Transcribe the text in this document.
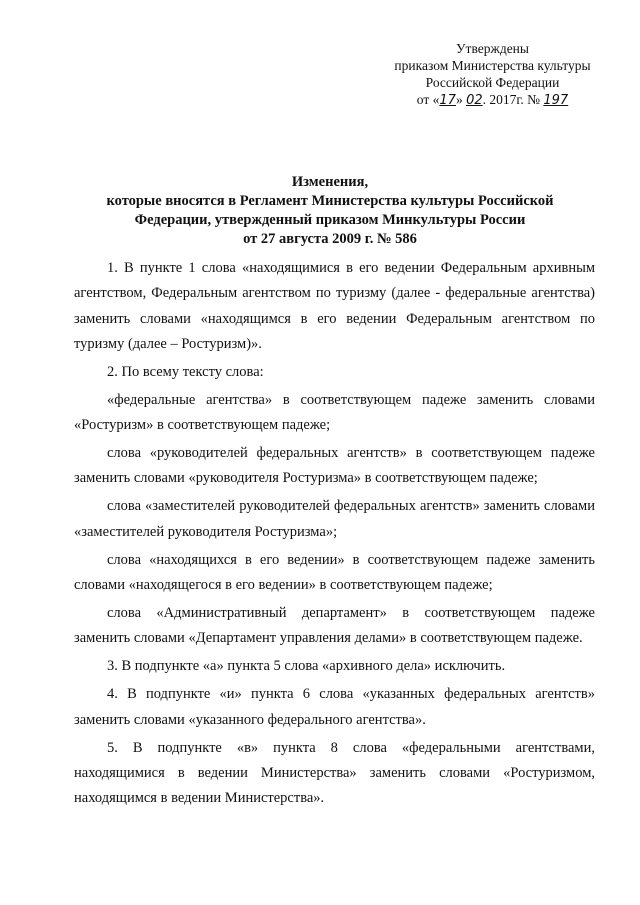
Утверждены
приказом Министерства культуры
Российской Федерации
от «17» 02. 2017г. № 197
Изменения,
которые вносятся в Регламент Министерства культуры Российской
Федерации, утвержденный приказом Минкультуры России
от 27 августа 2009 г. № 586

1. В пункте 1 слова «находящимися в его ведении Федеральным архивным агентством, Федеральным агентством по туризму (далее - федеральные агентства) заменить словами «находящимся в его ведении Федеральным агентством по туризму (далее – Ростуризм)».

2. По всему тексту слова:

«федеральные агентства» в соответствующем падеже заменить словами «Ростуризм» в соответствующем падеже;

слова «руководителей федеральных агентств» в соответствующем падеже заменить словами «руководителя Ростуризма» в соответствующем падеже;

слова «заместителей руководителей федеральных агентств» заменить словами «заместителей руководителя Ростуризма»;

слова «находящихся в его ведении» в соответствующем падеже заменить словами «находящегося в его ведении» в соответствующем падеже;

слова «Административный департамент» в соответствующем падеже заменить словами «Департамент управления делами» в соответствующем падеже.

3. В подпункте «а» пункта 5 слова «архивного дела» исключить.

4. В подпункте «и» пункта 6 слова «указанных федеральных агентств» заменить словами «указанного федерального агентства».

5. В подпункте «в» пункта 8 слова «федеральными агентствами, находящимися в ведении Министерства» заменить словами «Ростуризмом, находящимся в ведении Министерства».
